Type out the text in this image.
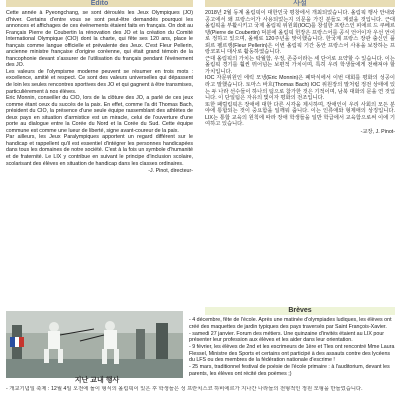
Edito

Cette année à Pyeongchang, se sont déroulés les Jeux Olympiques (JO) d'hiver. Certains d'entre vous se sont peut-être demandés pourquoi les annonces et affichages de ces événements étaient faits en français. On doit au Français Pierre de Coubertin la rénovation des JO et la création du Comité International Olympique (CIO) dont la charte, qui fête ses 120 ans, place le français comme langue officielle et prévalente des Jeux. C'est Fleur Pellerin, ancienne ministre française d'origine coréenne, qui était grand témoin de la francophonie devant s'assurer de l'utilisation du français pendant l'événement des JO.

Les valeurs de l'olympisme moderne peuvent se résumer en trois mots : excellence, amitié et respect. Ce sont des valeurs universelles qui dépassent de loin les seules rencontres sportives des JO et qui gagnent à être transmises, particulièrement à nos élèves.

Eric Monnin, conseiller du CIO, lors de la clôture des JO, a parlé de ces jeux comme étant ceux du succès de la paix. En effet, comme l'a dit Thomas Bach, président du CIO, la présence d'une seule équipe rassemblant des athlètes de deux pays en situation d'armistice est un miracle, celui de l'ouverture d'une porte au dialogue entre la Corée du Nord et la Corée du Sud. Cette équipe commune est comme une lueur de liberté, signe avant-coureur de la paix.

Par ailleurs, les Jeux Paralympiques apportent un regard différent sur le handicap et rappellent qu'il est essentiel d'intégrer les personnes handicapées dans tous les domaines de notre société. C'est à la fois un symbole d'humanité et de fraternité. Le LIX y contribue en suivant le principe d'inclusion scolaire, scolarisant des élèves en situation de handicap dans les classes ordinaires.

-J. Pinot, directeur-
사설

2018년 2월 동계 올림픽이 대한민국 평창에서 개최되었습니다. 올림픽 행사 안내와 공고에서 왜 프랑스어가 사용되었는지 의문을 가진 분들도 계셨을 것입니다. 근대 올림픽을 부활시키고 국제 올림픽 위원회(IOC)를 창설한 프랑스인 피에르 드 쿠베르탱(Pierre de Coubertin) 덕분에 올림픽 헌장은 프랑스어를 공식 언어이자 우선 언어로 정하고 있으며, 올해로 120주년을 맞이했습니다. 한국계 프랑스 장관 출신인 플뢰르 펠르랭(Fleur Pellerin)은 이번 올림픽 기간 동안 프랑스어 사용을 보장하는 프랑코포니 대사로 활동하였습니다.

근대 올림픽의 가치는 탁월함, 우정, 존중이라는 세 단어로 요약할 수 있습니다. 이는 올림픽 경기를 훨씬 뛰어넘는 보편적 가치이며, 특히 우리 학생들에게 전해져야 할 가치입니다.

IOC 자문위원인 에릭 모냉(Eric Monnin)은 폐막식에서 이번 대회를 평화의 성공이라고 말했습니다. 토마스 바흐(Thomas Bach) IOC 위원장의 말처럼 정전 상태에 있는 두 나라 선수들이 하나의 팀으로 참가한 것은 기적이며, 남북 대화의 문을 연 것입니다. 이 단일팀은 자유의 빛이자 평화의 전조입니다.

또한 패럴림픽은 장애에 대한 다른 시각을 제시하며, 장애인이 우리 사회의 모든 분야에 통합되는 것이 중요함을 일깨워 줍니다. 이는 인류애와 형제애의 상징입니다. LIX는 통합 교육의 원칙에 따라 장애 학생들을 일반 학급에서 교육함으로써 이에 기여하고 있습니다.

-교장, J. Pinot-
Brèves

- 4 décembre, fête de l'école. Après une matinée d'olympiades ludiques, les élèves ont créé des maquettes de jardin typiques des pays traversés par Saint François-Xavier.

- samedi 27 janvier. Forum des métiers. Une quinzaine d'invités étaient au LIX pour présenter leur profession aux élèves et les aider dans leur orientation.

- 9 février, les élèves de 2nd et les escrimeurs de 1ère et Tles ont rencontré Mme Laura Flessel, Ministre des Sports et certains ont participé à des assauts contre des lycéens du LFS ou des membres de la fédération nationale d'escrime !

- 25 mars, traditionnel festival de poésie de l'école primaire : à l'auditorium, devant les parents, les élèves ont récité des poèmes ;)

지난 교내 행사
- 개교기념일 축제 : 12월 4일 오전에 놀이 형식의 올림픽이 있은 후 학생들은 성 프란치스코 하비에르가 지나간 나라들의 전형적인 정원 모형을 만들었습니다.
